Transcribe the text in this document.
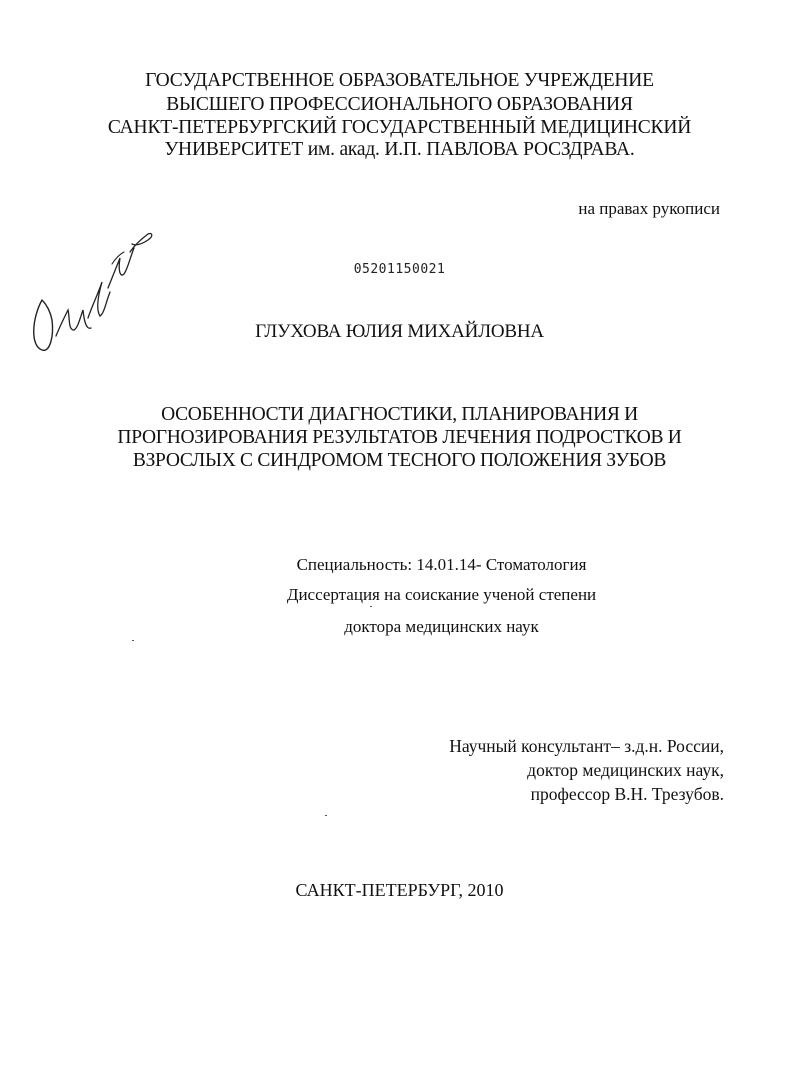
ГОСУДАРСТВЕННОЕ ОБРАЗОВАТЕЛЬНОЕ УЧРЕЖДЕНИЕ
ВЫСШЕГО ПРОФЕССИОНАЛЬНОГО ОБРАЗОВАНИЯ
САНКТ-ПЕТЕРБУРГСКИЙ ГОСУДАРСТВЕННЫЙ МЕДИЦИНСКИЙ
УНИВЕРСИТЕТ им. акад. И.П. ПАВЛОВА РОСЗДРАВА.
на правах рукописи
05201150021
ГЛУХОВА ЮЛИЯ МИХАЙЛОВНА
ОСОБЕННОСТИ ДИАГНОСТИКИ, ПЛАНИРОВАНИЯ И
ПРОГНОЗИРОВАНИЯ РЕЗУЛЬТАТОВ ЛЕЧЕНИЯ ПОДРОСТКОВ И
ВЗРОСЛЫХ С СИНДРОМОМ ТЕСНОГО ПОЛОЖЕНИЯ ЗУБОВ
Специальность: 14.01.14- Стоматология
Диссертация на соискание ученой степени
доктора медицинских наук
Научный консультант– з.д.н. России,
доктор медицинских наук,
профессор В.Н. Трезубов.
САНКТ-ПЕТЕРБУРГ, 2010
